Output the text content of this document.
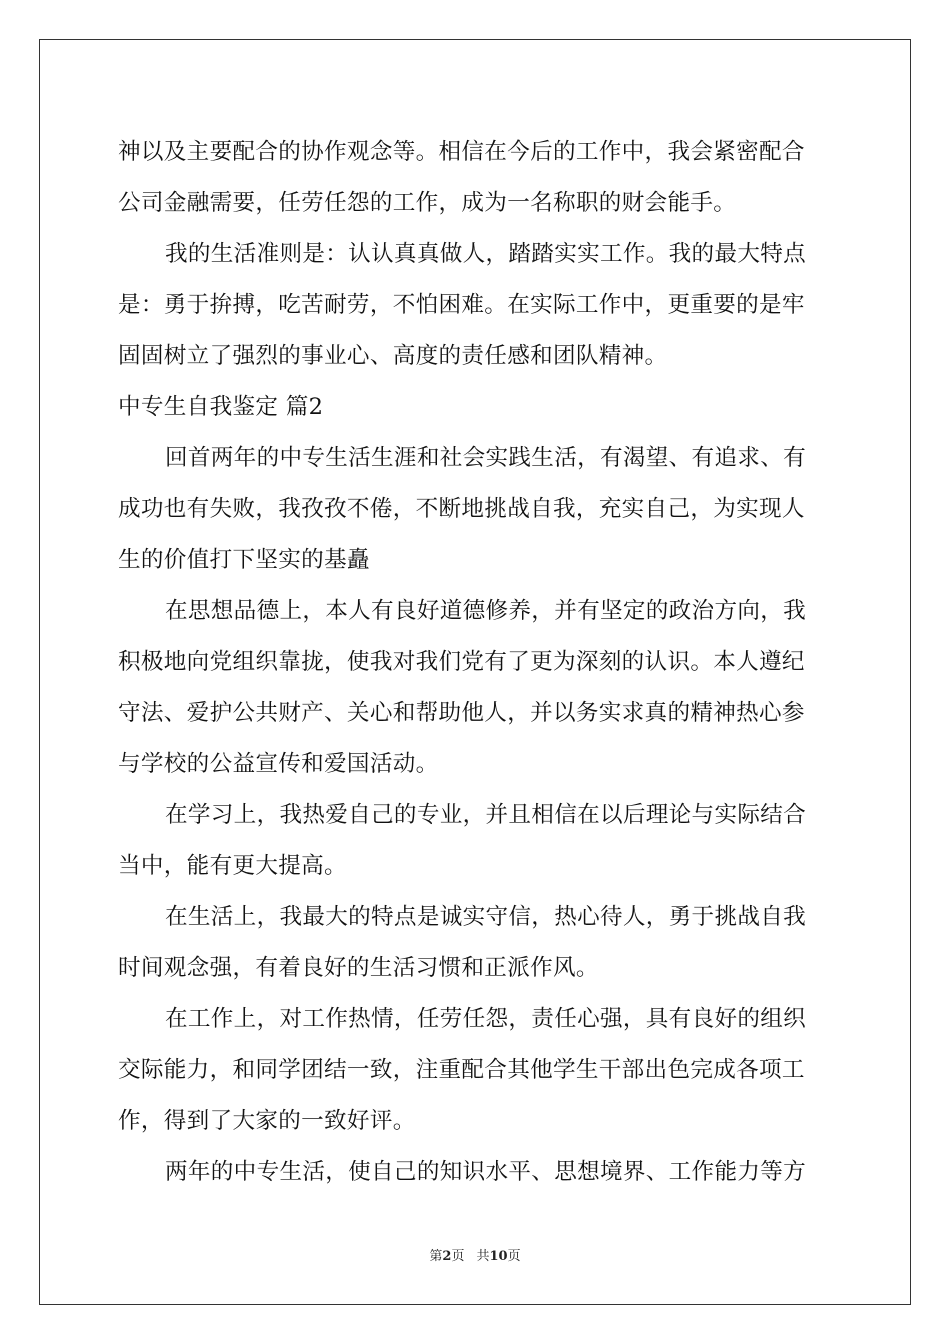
神以及主要配合的协作观念等。相信在今后的工作中，我会紧密配合
公司金融需要，任劳任怨的工作，成为一名称职的财会能手。
我的生活准则是：认认真真做人，踏踏实实工作。我的最大特点
是：勇于拚搏，吃苦耐劳，不怕困难。在实际工作中，更重要的是牢
固固树立了强烈的事业心、高度的责任感和团队精神。
中专生自我鉴定 篇2
回首两年的中专生活生涯和社会实践生活，有渴望、有追求、有
成功也有失败，我孜孜不倦，不断地挑战自我，充实自己，为实现人
生的价值打下坚实的基矗
在思想品德上，本人有良好道德修养，并有坚定的政治方向，我
积极地向党组织靠拢，使我对我们党有了更为深刻的认识。本人遵纪
守法、爱护公共财产、关心和帮助他人，并以务实求真的精神热心参
与学校的公益宣传和爱国活动。
在学习上，我热爱自己的专业，并且相信在以后理论与实际结合
当中，能有更大提高。
在生活上，我最大的特点是诚实守信，热心待人，勇于挑战自我
时间观念强，有着良好的生活习惯和正派作风。
在工作上，对工作热情，任劳任怨，责任心强，具有良好的组织
交际能力，和同学团结一致，注重配合其他学生干部出色完成各项工
作，得到了大家的一致好评。
两年的中专生活，使自己的知识水平、思想境界、工作能力等方
第2页 共10页
